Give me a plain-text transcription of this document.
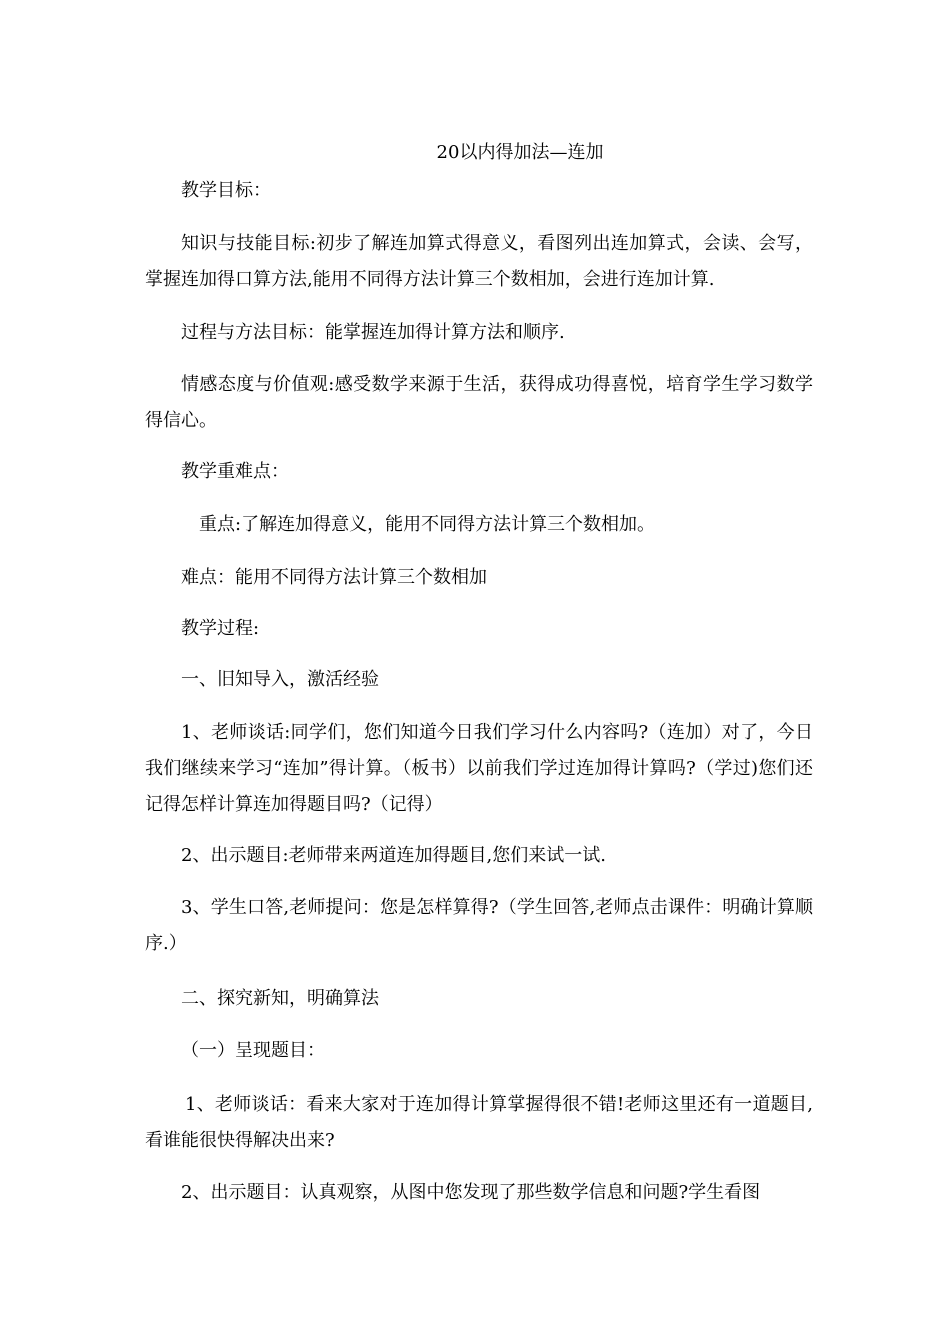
20以内得加法—连加

教学目标：

知识与技能目标:初步了解连加算式得意义，看图列出连加算式，会读、会写，掌握连加得口算方法,能用不同得方法计算三个数相加，会进行连加计算.

过程与方法目标：能掌握连加得计算方法和顺序.

情感态度与价值观:感受数学来源于生活，获得成功得喜悦，培育学生学习数学得信心。

教学重难点：

重点:了解连加得意义，能用不同得方法计算三个数相加。

难点：能用不同得方法计算三个数相加

教学过程:

一、旧知导入，激活经验

1、老师谈话:同学们，您们知道今日我们学习什么内容吗?（连加）对了，今日我们继续来学习“连加”得计算。（板书）以前我们学过连加得计算吗?（学过)您们还记得怎样计算连加得题目吗?（记得）

2、出示题目:老师带来两道连加得题目,您们来试一试.

3、学生口答,老师提问：您是怎样算得?（学生回答,老师点击课件：明确计算顺序.）

二、探究新知，明确算法

（一）呈现题目：

1、老师谈话：看来大家对于连加得计算掌握得很不错!老师这里还有一道题目,看谁能很快得解决出来?

2、出示题目：认真观察，从图中您发现了那些数学信息和问题?学生看图
